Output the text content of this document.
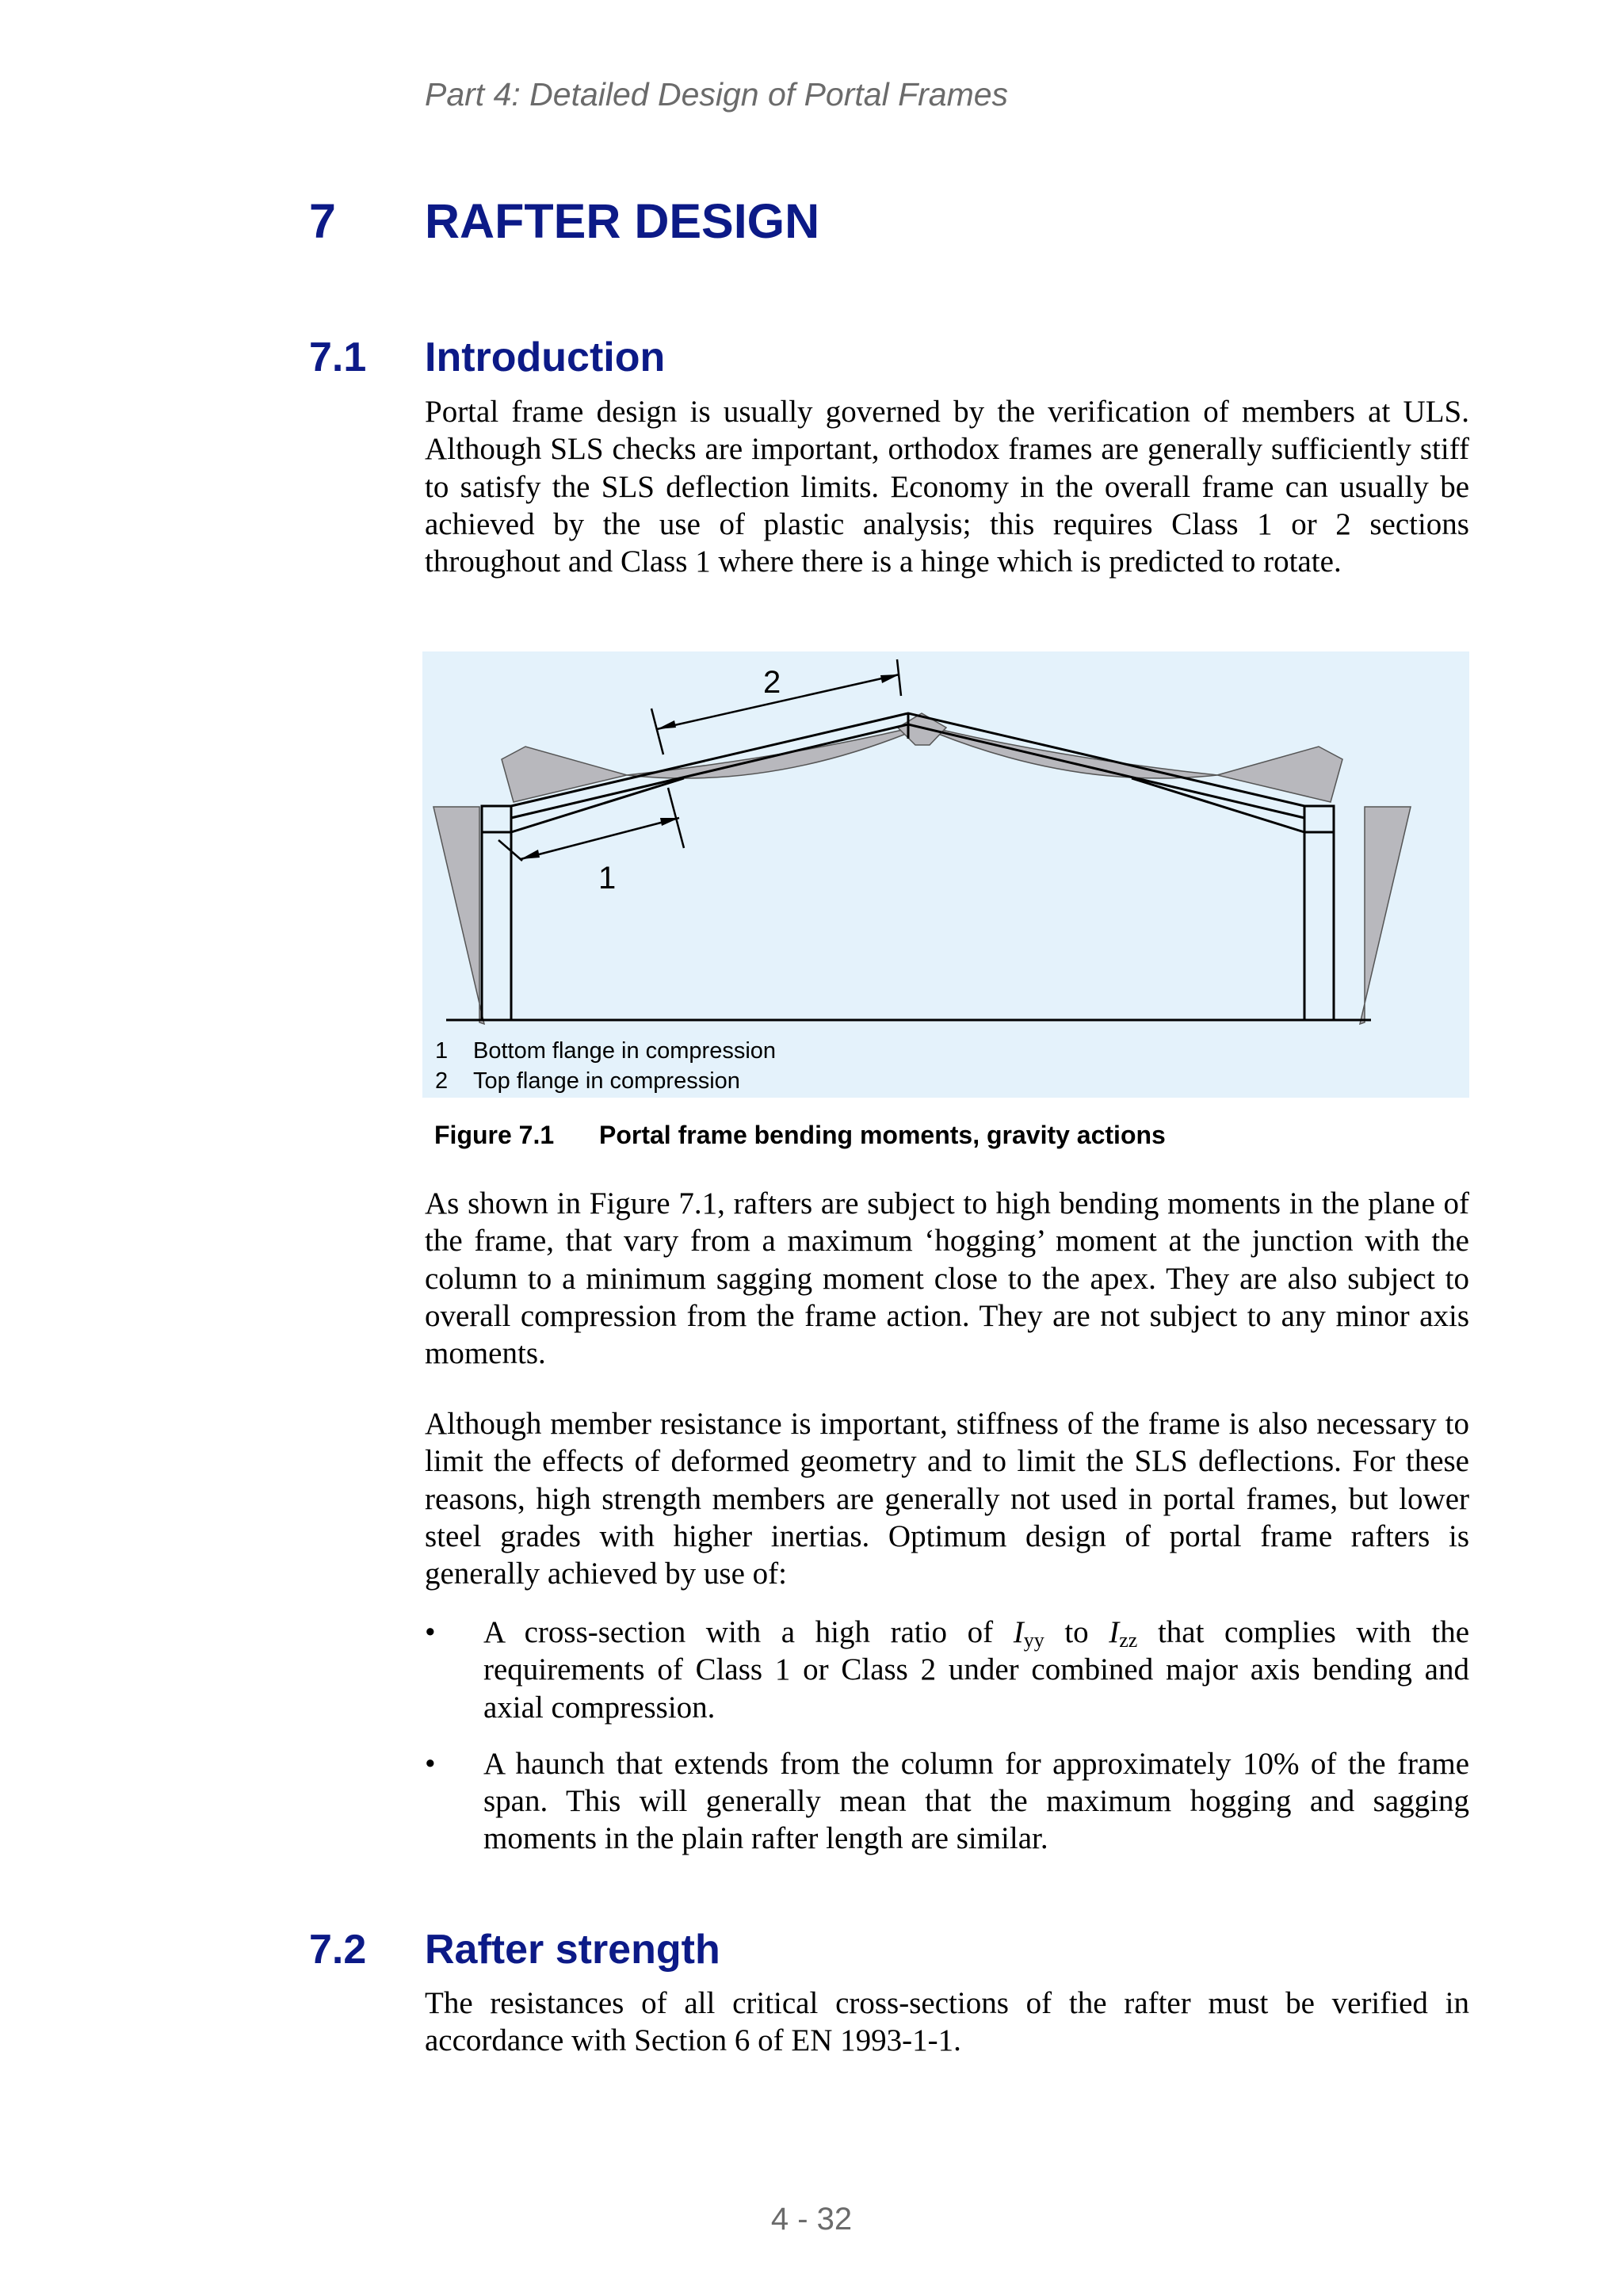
Part 4: Detailed Design of Portal Frames
7 RAFTER DESIGN
7.1 Introduction

Portal frame design is usually governed by the verification of members at ULS. Although SLS checks are important, orthodox frames are generally sufficiently stiff to satisfy the SLS deflection limits. Economy in the overall frame can usually be achieved by the use of plastic analysis; this requires Class 1 or 2 sections throughout and Class 1 where there is a hinge which is predicted to rotate.

1
2
1 Bottom flange in compression
2 Top flange in compression
Figure 7.1 Portal frame bending moments, gravity actions

As shown in Figure 7.1, rafters are subject to high bending moments in the plane of the frame, that vary from a maximum ‘hogging’ moment at the junction with the column to a minimum sagging moment close to the apex. They are also subject to overall compression from the frame action. They are not subject to any minor axis moments.

Although member resistance is important, stiffness of the frame is also necessary to limit the effects of deformed geometry and to limit the SLS deflections. For these reasons, high strength members are generally not used in portal frames, but lower steel grades with higher inertias. Optimum design of portal frame rafters is generally achieved by use of:

• A cross-section with a high ratio of $I_{yy}$ to $I_{zz}$ that complies with the requirements of Class 1 or Class 2 under combined major axis bending and axial compression.
• A haunch that extends from the column for approximately 10% of the frame span. This will generally mean that the maximum hogging and sagging moments in the plain rafter length are similar.
7.2 Rafter strength

The resistances of all critical cross-sections of the rafter must be verified in accordance with Section 6 of EN 1993-1-1.

4 - 32
